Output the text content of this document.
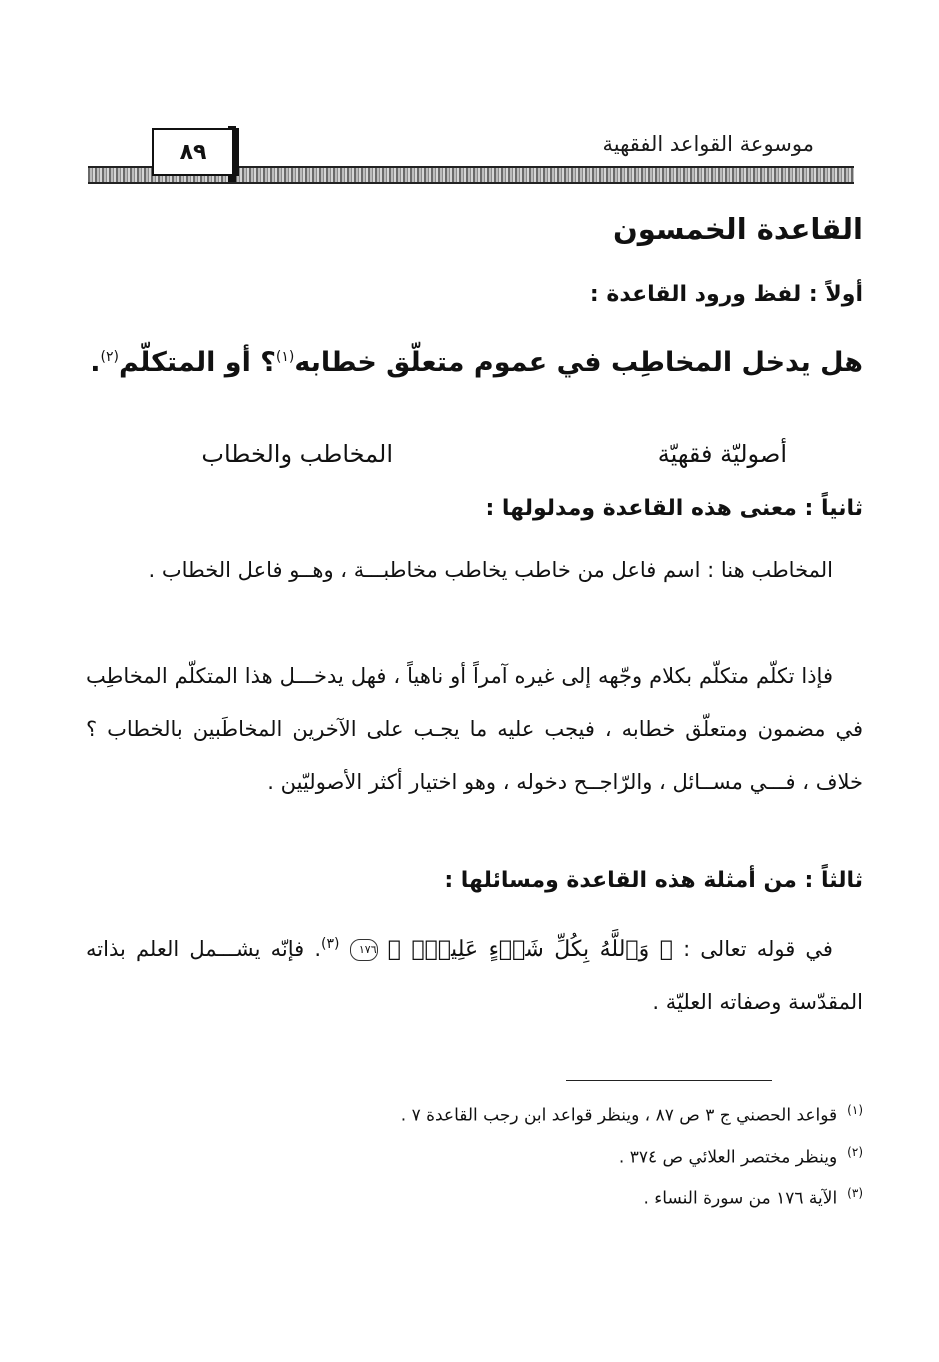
٨٩	موسوعة القواعد الفقهية
القاعدة الخمسون
أولاً : لفظ ورود القاعدة :
هل يدخل المخاطِب في عموم متعلّق خطابه$^{(١)}$؟ أو المتكلّم$^{(٢)}$.
أصوليّة فقهيّة
المخاطب والخطاب
ثانياً : معنى هذه القاعدة ومدلولها :
المخاطب هنا : اسم فاعل من خاطب يخاطب مخاطبـــة ، وهــو فاعل الخطاب .
فإذا تكلّم متكلّم بكلام وجّهه إلى غيره آمراً أو ناهياً ، فهل يدخـــل هذا المتكلّم المخاطِب في مضمون ومتعلّق خطابه ، فيجب عليه ما يجـب على الآخرين المخاطَبين بالخطاب ؟ خلاف ، فـــي مســائل ، والرّاجــح دخوله ، وهو اختيار أكثر الأصوليّين .
ثالثاً : من أمثلة هذه القاعدة ومسائلها :
في قوله تعالى : ﴿ وَٱللَّهُ بِكُلِّ شَيۡءٍ عَلِيمُۢ ﴾ ١٧٦ $^{(٣)}$. فإنّه يشـــمل العلم بذاته المقدّسة وصفاته العليّة .
$^{(١)}$قواعد الحصني ج ٣ ص ٨٧ ، وينظر قواعد ابن رجب القاعدة ٧ .
$^{(٢)}$وينظر مختصر العلائي ص ٣٧٤ .
$^{(٣)}$الآية ١٧٦ من سورة النساء .
